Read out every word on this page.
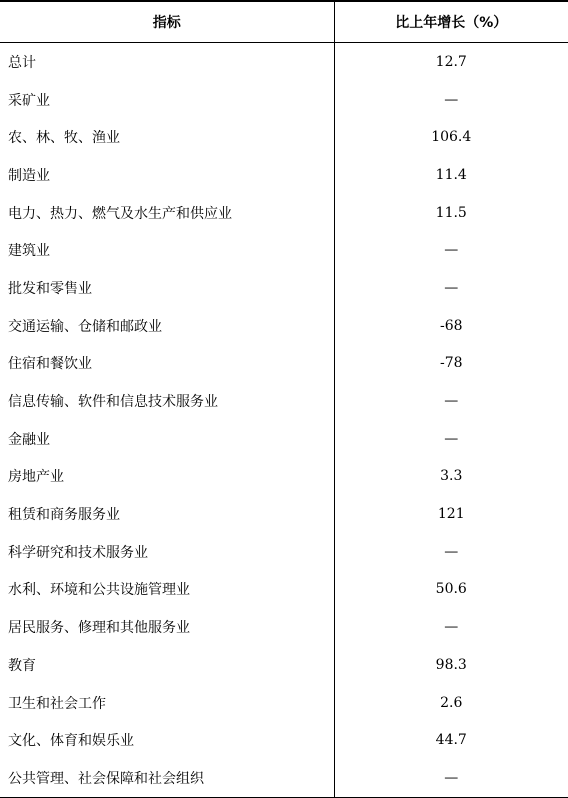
指标	比上年增长（%）
总计	12.7
采矿业	—
农、林、牧、渔业	106.4
制造业	11.4
电力、热力、燃气及水生产和供应业	11.5
建筑业	—
批发和零售业	—
交通运输、仓储和邮政业	-68
住宿和餐饮业	-78
信息传输、软件和信息技术服务业	—
金融业	—
房地产业	3.3
租赁和商务服务业	121
科学研究和技术服务业	—
水利、环境和公共设施管理业	50.6
居民服务、修理和其他服务业	—
教育	98.3
卫生和社会工作	2.6
文化、体育和娱乐业	44.7
公共管理、社会保障和社会组织	—
